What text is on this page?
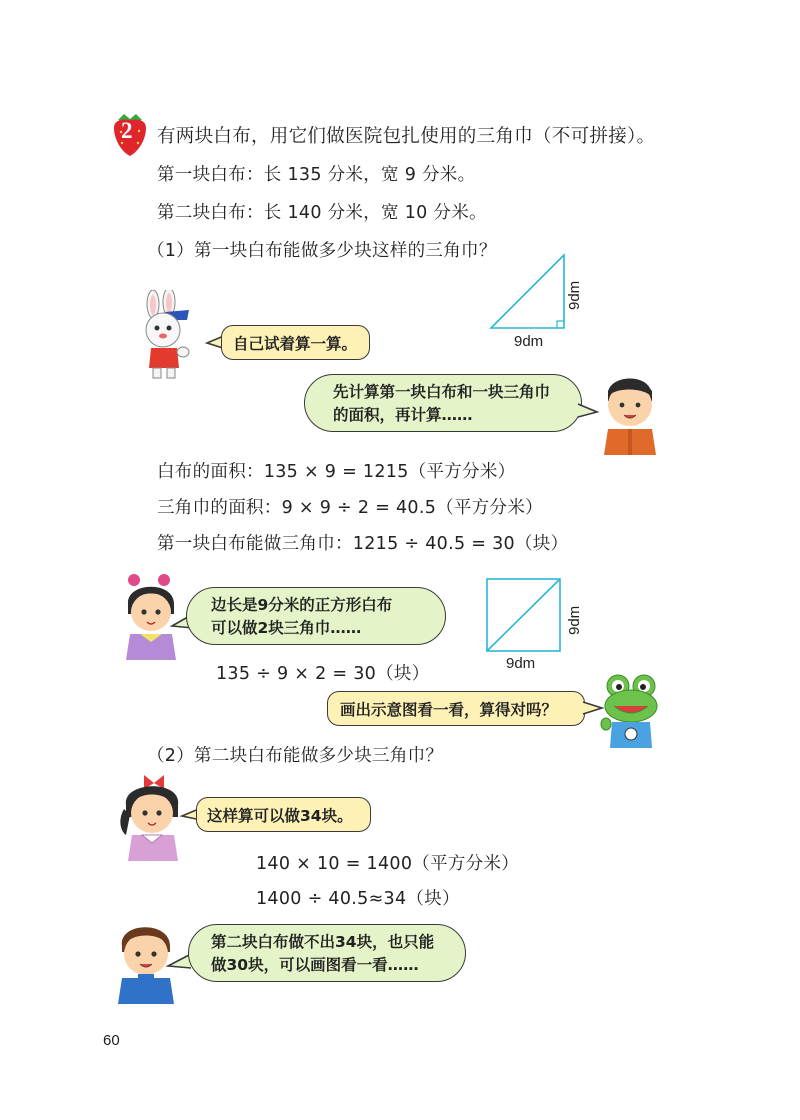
2 有两块白布，用它们做医院包扎使用的三角巾（不可拼接）。
第一块白布：长 135 分米，宽 9 分米。
第二块白布：长 140 分米，宽 10 分米。
（1）第一块白布能做多少块这样的三角巾？
9dm
9dm
自己试着算一算。
先计算第一块白布和一块三角巾
的面积，再计算……
白布的面积：135 × 9 = 1215（平方分米）
三角巾的面积：9 × 9 ÷ 2 = 40.5（平方分米）
第一块白布能做三角巾：1215 ÷ 40.5 = 30（块）
边长是9分米的正方形白布
可以做2块三角巾……
9dm
9dm
135 ÷ 9 × 2 = 30（块）
画出示意图看一看，算得对吗？
（2）第二块白布能做多少块三角巾？
这样算可以做34块。
140 × 10 = 1400（平方分米）
1400 ÷ 40.5≈34（块）
第二块白布做不出34块，也只能
做30块，可以画图看一看……
60
